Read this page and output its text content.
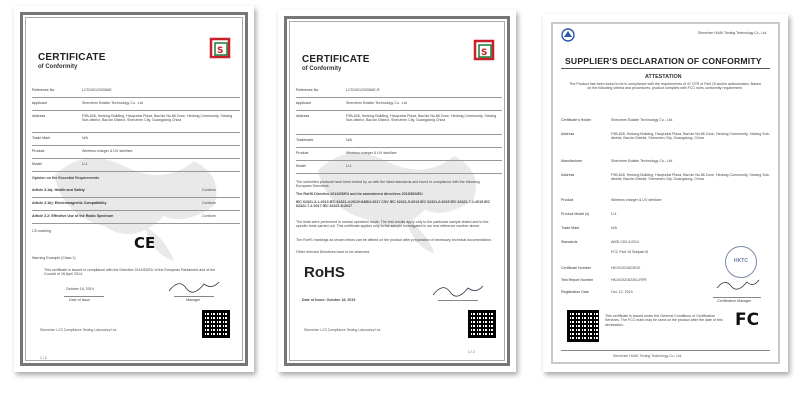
CERTIFICATE
of Conformity
S
Reference No.	LCS190123008AE
Applicant	Shenzhen Bolaite Technology Co., Ltd
Address	F9B-826, Hedong Building, Haoyunlai Plaza, Bao'an No.86 Zone, Hedong Community, Xixiang Sub-district, Bao'an District, Shenzhen City, Guangdong China
Trade Mark	N/A
Product	Wireless charger & UV sterilizer
Model	U-1
Opinion on the Essential Requirements
Article 3.1a): Health and Safety	Conform
Article 3.1b): Electromagnetic Compatibility	Conform
Article 3.2: Effective Use of the Radio Spectrum	Conform
CE-marking
Warning Example (Class 1)
CE
This certificate is issued in compliance with the Directive 2014/53/EU of the European Parliament and of the Council of 16 April 2014.
October 18, 2019
Date of Issue	Manager
Shenzhen LCS Compliance Testing Laboratory Ltd.
1 / 2
CERTIFICATE
of Conformity
S
Reference No.	LCS190123008AE-R
Applicant	Shenzhen Bolaite Technology Co., Ltd
Address	F9B-826, Hedong Building, Haoyunlai Plaza, Bao'an No.86 Zone, Hedong Community, Xixiang Sub-district, Bao'an District, Shenzhen City, Guangdong China
Trademark	N/A
Product	Wireless charger & UV sterilizer
Model	U-1
The submitted products have been tested by us with the listed standards and found in compliance with the following European Directives:
The RoHS Directive 2011/65/EU and its amendment directives 2015/863/EU
IEC 62321-3-1:2013 IEC 62321-4:2013+AMD1:2017 CSV IEC 62321-5:2013 IEC 62321-6:2015 IEC 62321-7-1:2015 IEC 62321-7-2:2017 IEC 62321-8:2017
The tests were performed in normal operation mode. The test results apply only to the particular sample tested and to the specific tests carried out. This certificate applies only to the sample investigated in our test reference number above.
The RoHS markings as shown below can be affixed on the product after preparation of necessary technical documentation.
Other relevant Directives have to be observed.
RoHS
Date of Issue: October 18, 2019
Shenzhen LCS Compliance Testing Laboratory Ltd.
1 / 2
Shenzhen HUAK Testing Technology Co., Ltd.
SUPPLIER'S DECLARATION OF CONFORMITY
ATTESTATION
The Product has been found to be in compliance with the requirements of 47 CFR of Part 15 and/or authorization. Based on the following criteria and procedures, product complies with FCC rules conformity requirement.
Certificate's Holder	Shenzhen Bolaite Technology Co., Ltd.
Address	F9B-826, Hedong Building, Haoyunlai Plaza, Bao'an No.86 Zone, Hedong Community, Xixiang Sub-district, Bao'an District, Shenzhen City, Guangdong, China
Manufacturer	Shenzhen Bolaite Technology Co., Ltd.
Address	F9B-826, Hedong Building, Haoyunlai Plaza, Bao'an No.86 Zone, Hedong Community, Xixiang Sub-district, Bao'an District, Shenzhen City, Guangdong, China
Product	Wireless charger & UV sterilizer
Product Model (s)	U-1
Trade Mark	N/A
Standards	ANSI C63.4:2014
FCC Part 15 Subpart B
Certificate Number	HK19102162301E
Test Report Number	HK19102162301-RFR
Registration Date	Oct. 12, 2019
HKTC
Certification Manager
This certificate is issued under the General Conditions of Certification Services. The FCC mark may be used on the product after the date of this declaration.	FC
Shenzhen HUAK Testing Technology Co., Ltd.
